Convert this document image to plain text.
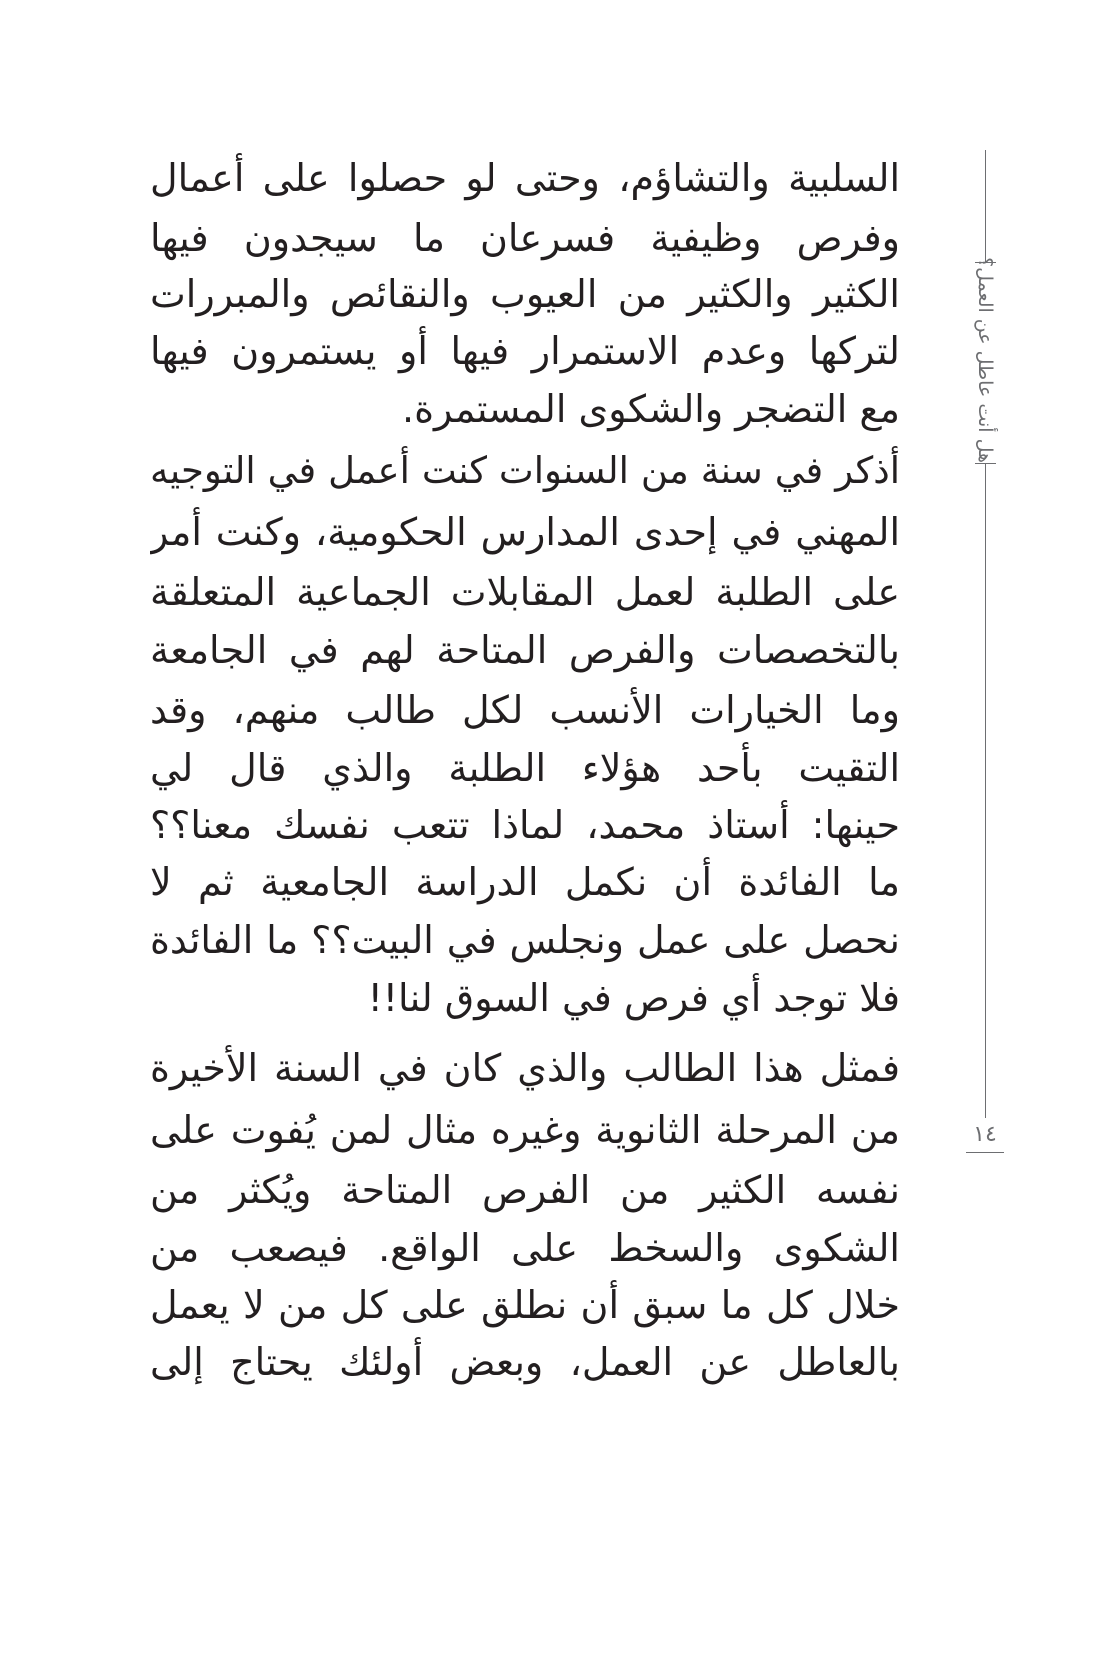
السلبية والتشاؤم، وحتى لو حصلوا على أعمال
وفرص وظيفية فسرعان ما سيجدون فيها
الكثير والكثير من العيوب والنقائص والمبررات
لتركها وعدم الاستمرار فيها أو يستمرون فيها
مع التضجر والشكوى المستمرة.
أذكر في سنة من السنوات كنت أعمل في التوجيه
المهني في إحدى المدارس الحكومية، وكنت أمر
على الطلبة لعمل المقابلات الجماعية المتعلقة
بالتخصصات والفرص المتاحة لهم في الجامعة
وما الخيارات الأنسب لكل طالب منهم، وقد
التقيت بأحد هؤلاء الطلبة والذي قال لي
حينها: أستاذ محمد، لماذا تتعب نفسك معنا؟؟
ما الفائدة أن نكمل الدراسة الجامعية ثم لا
نحصل على عمل ونجلس في البيت؟؟ ما الفائدة
فلا توجد أي فرص في السوق لنا!!
فمثل هذا الطالب والذي كان في السنة الأخيرة
من المرحلة الثانوية وغيره مثال لمن يُفوت على
نفسه الكثير من الفرص المتاحة ويُكثر من
الشكوى والسخط على الواقع. فيصعب من
خلال كل ما سبق أن نطلق على كل من لا يعمل
بالعاطل عن العمل، وبعض أولئك يحتاج إلى
هل أنت عاطل عن العمل؟
١٤
